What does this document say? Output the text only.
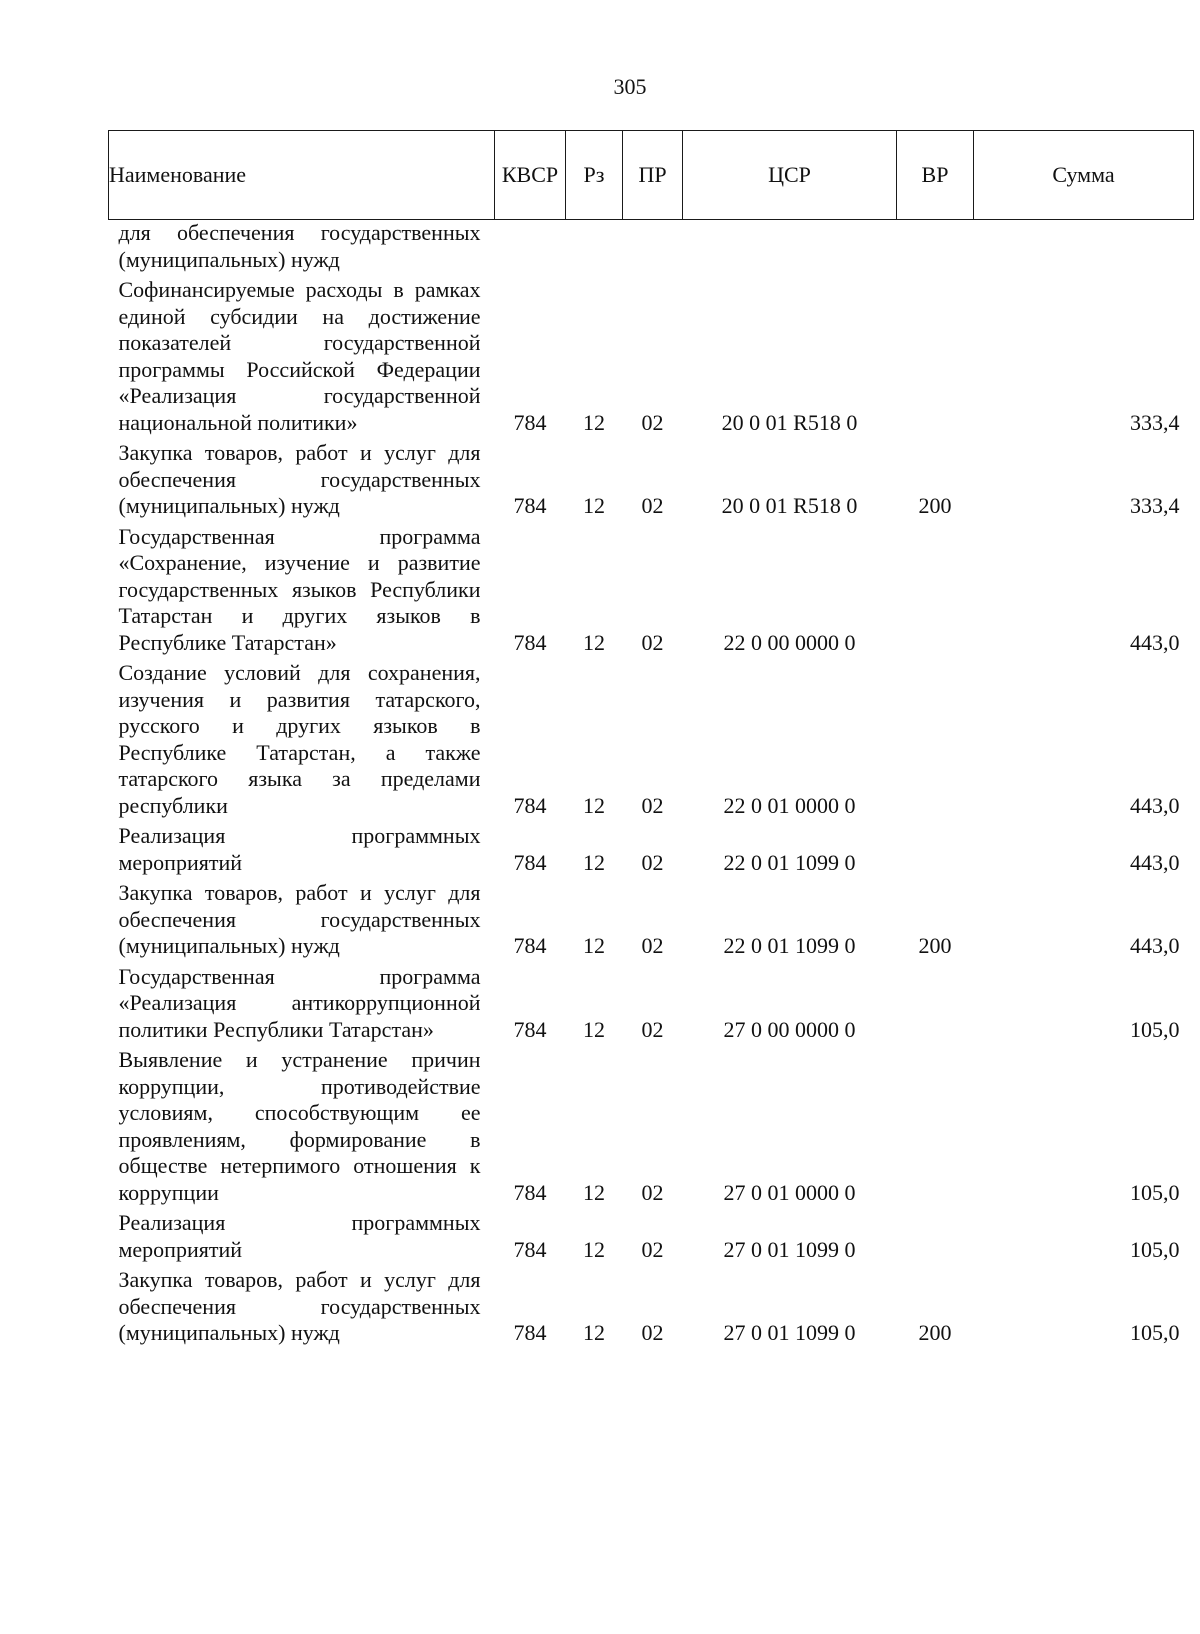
305
Наименование	КВСР	Рз	ПР	ЦСР	ВР	Сумма
для обеспечения государственных (муниципальных) нужд						
Софинансируемые расходы в рамках единой субсидии на достижение показателей государственной программы Российской Федерации «Реализация государственной национальной политики»	784	12	02	20 0 01 R518 0		333,4
Закупка товаров, работ и услуг для обеспечения государственных (муниципальных) нужд	784	12	02	20 0 01 R518 0	200	333,4
Государственная программа «Сохранение, изучение и развитие государственных языков Республики Татарстан и других языков в Республике Татарстан»	784	12	02	22 0 00 0000 0		443,0
Создание условий для сохранения, изучения и развития татарского, русского и других языков в Республике Татарстан, а также татарского языка за пределами республики	784	12	02	22 0 01 0000 0		443,0
Реализация программных мероприятий	784	12	02	22 0 01 1099 0		443,0
Закупка товаров, работ и услуг для обеспечения государственных (муниципальных) нужд	784	12	02	22 0 01 1099 0	200	443,0
Государственная программа «Реализация антикоррупционной политики Республики Татарстан»	784	12	02	27 0 00 0000 0		105,0
Выявление и устранение причин коррупции, противодействие условиям, способствующим ее проявлениям, формирование в обществе нетерпимого отношения к коррупции	784	12	02	27 0 01 0000 0		105,0
Реализация программных мероприятий	784	12	02	27 0 01 1099 0		105,0
Закупка товаров, работ и услуг для обеспечения государственных (муниципальных) нужд	784	12	02	27 0 01 1099 0	200	105,0
